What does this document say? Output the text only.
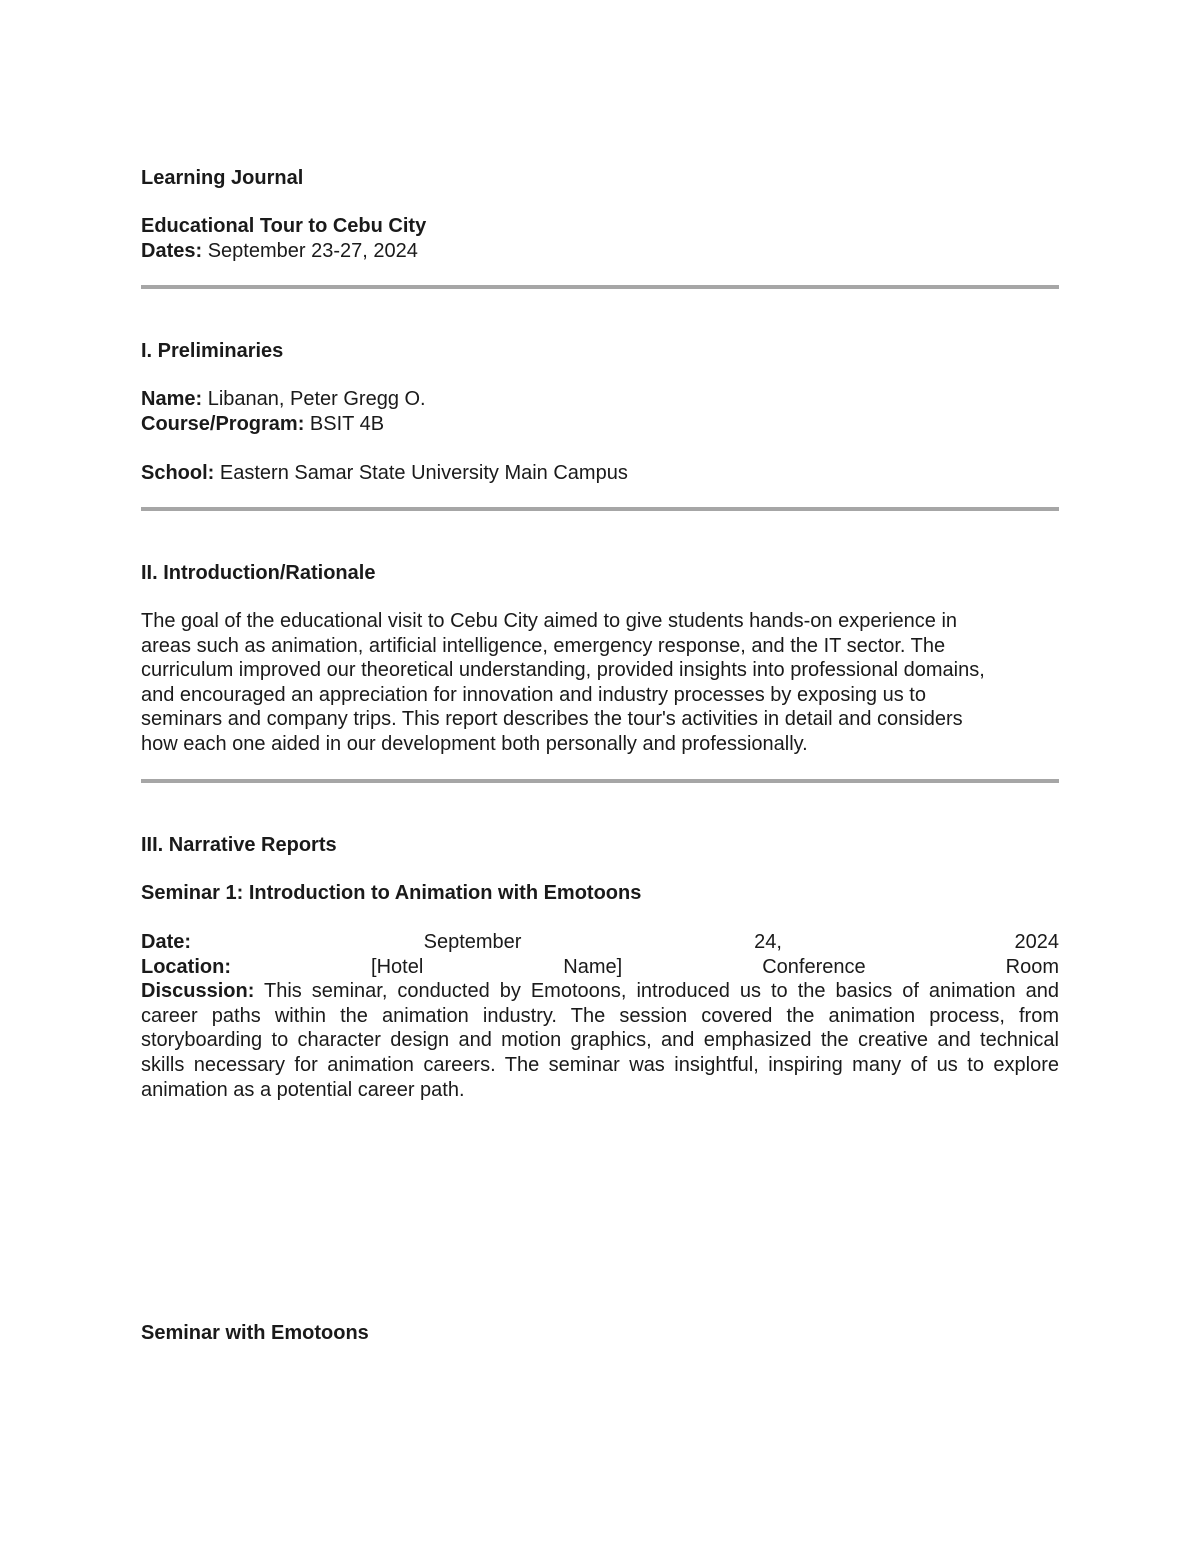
Learning Journal

Educational Tour to Cebu City

Dates: September 23-27, 2024

I. Preliminaries

Name: Libanan, Peter Gregg O.

Course/Program: BSIT 4B

School: Eastern Samar State University Main Campus
II. Introduction/Rationale

The goal of the educational visit to Cebu City aimed to give students hands-on experience in

areas such as animation, artificial intelligence, emergency response, and the IT sector. The

curriculum improved our theoretical understanding, provided insights into professional domains,

and encouraged an appreciation for innovation and industry processes by exposing us to

seminars and company trips. This report describes the tour's activities in detail and considers

how each one aided in our development both personally and professionally.

III. Narrative Reports
Seminar 1: Introduction to Animation with Emotoons
Date:	September	24,	2024
Location:	[Hotel	Name]	Conference	Room

Discussion: This seminar, conducted by Emotoons, introduced us to the basics of animation and career paths within the animation industry. The session covered the animation process, from storyboarding to character design and motion graphics, and emphasized the creative and technical skills necessary for animation careers. The seminar was insightful, inspiring many of us to explore animation as a potential career path.

Seminar with Emotoons
